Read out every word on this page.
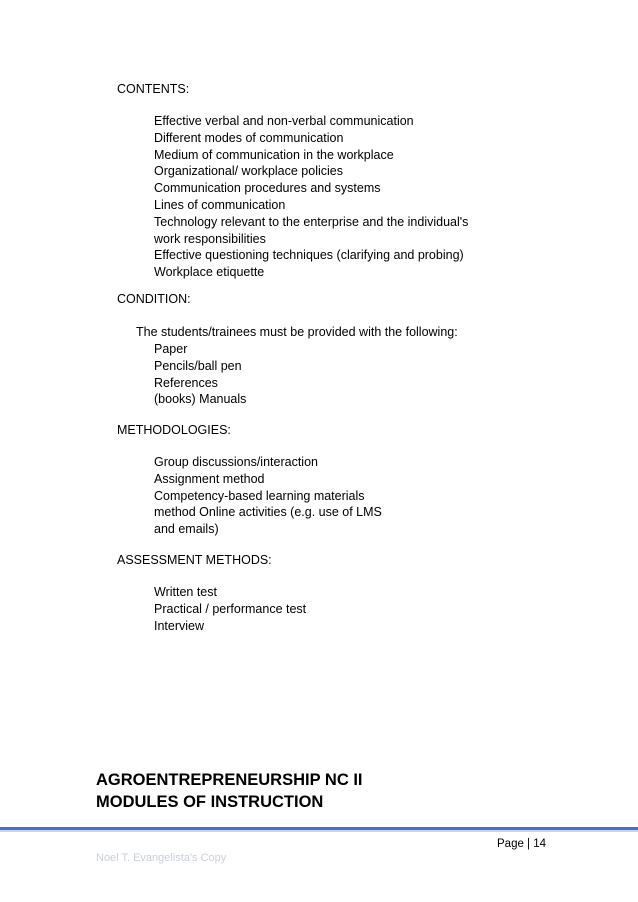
CONTENTS:
Effective verbal and non-verbal communication
Different modes of communication
Medium of communication in the workplace
Organizational/ workplace policies
Communication procedures and systems
Lines of communication
Technology relevant to the enterprise and the individual's work responsibilities
Effective questioning techniques (clarifying and probing)
Workplace etiquette
CONDITION:
The students/trainees must be provided with the following:
Paper
Pencils/ball pen
References
(books) Manuals
METHODOLOGIES:
Group discussions/interaction
Assignment method
Competency-based learning materials
method Online activities (e.g. use of LMS
and emails)
ASSESSMENT METHODS:
Written test
Practical / performance test
Interview
AGROENTREPRENEURSHIP NC II
MODULES OF INSTRUCTION
Page | 14
Noel T. Evangelista's Copy
